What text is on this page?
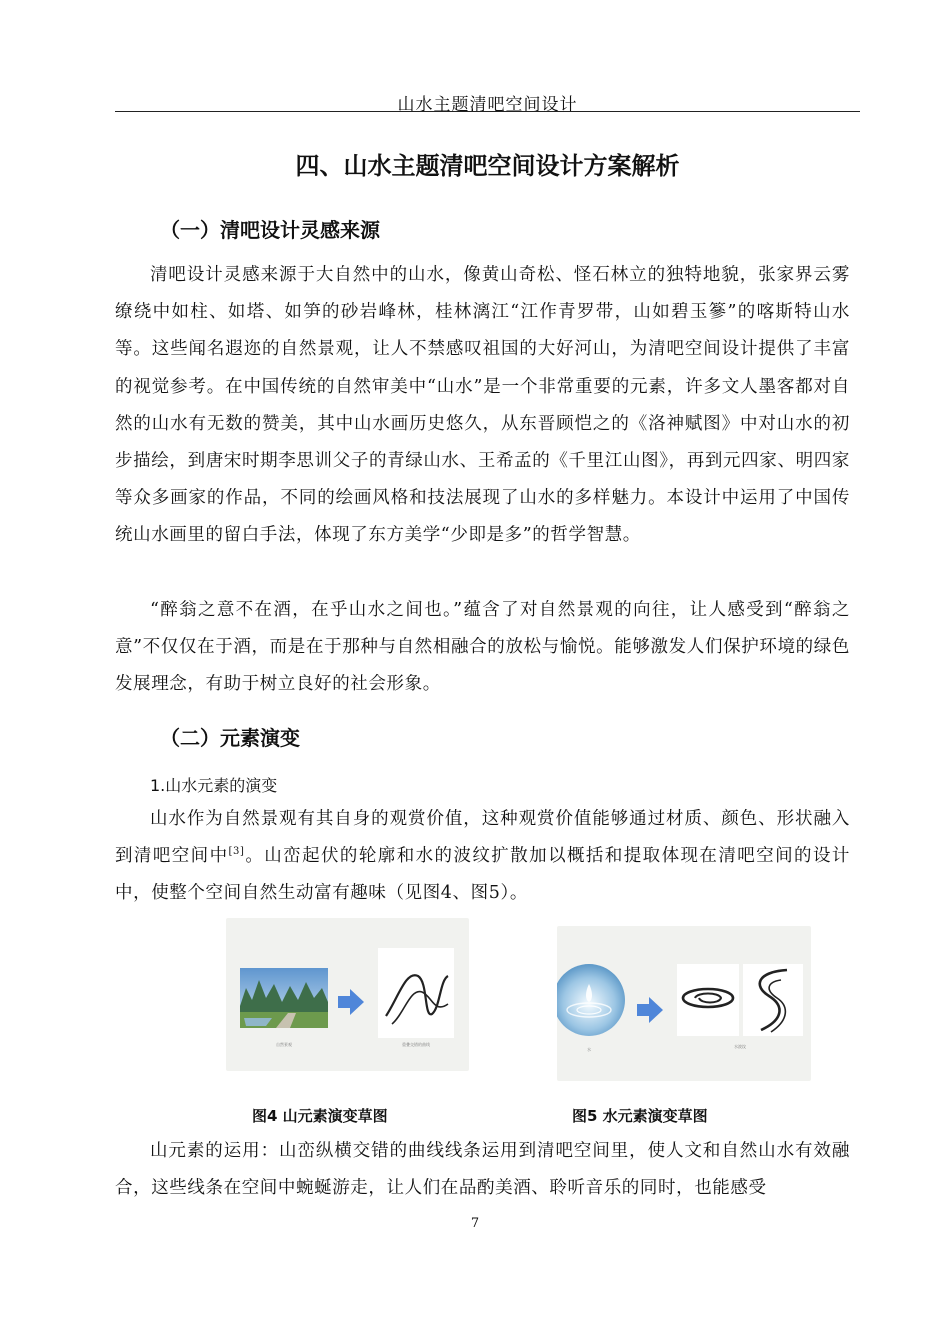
山水主题清吧空间设计
四、山水主题清吧空间设计方案解析
（一）清吧设计灵感来源

清吧设计灵感来源于大自然中的山水，像黄山奇松、怪石林立的独特地貌，张家界云雾缭绕中如柱、如塔、如笋的砂岩峰林，桂林漓江“江作青罗带，山如碧玉篸”的喀斯特山水等。这些闻名遐迩的自然景观，让人不禁感叹祖国的大好河山，为清吧空间设计提供了丰富的视觉参考。在中国传统的自然审美中“山水”是一个非常重要的元素，许多文人墨客都对自然的山水有无数的赞美，其中山水画历史悠久，从东晋顾恺之的《洛神赋图》中对山水的初步描绘，到唐宋时期李思训父子的青绿山水、王希孟的《千里江山图》，再到元四家、明四家等众多画家的作品，不同的绘画风格和技法展现了山水的多样魅力。本设计中运用了中国传统山水画里的留白手法，体现了东方美学“少即是多”的哲学智慧。

“醉翁之意不在酒，在乎山水之间也。”蕴含了对自然景观的向往，让人感受到“醉翁之意”不仅仅在于酒，而是在于那种与自然相融合的放松与愉悦。能够激发人们保护环境的绿色发展理念，有助于树立良好的社会形象。

（二）元素演变
1.山水元素的演变

山水作为自然景观有其自身的观赏价值，这种观赏价值能够通过材质、颜色、形状融入到清吧空间中[3]。山峦起伏的轮廓和水的波纹扩散加以概括和提取体现在清吧空间的设计中，使整个空间自然生动富有趣味（见图4、图5）。

自然景观	重叠交错的曲线
水
水波纹
图4 山元素演变草图	图5 水元素演变草图

山元素的运用：山峦纵横交错的曲线线条运用到清吧空间里，使人文和自然山水有效融合，这些线条在空间中蜿蜒游走，让人们在品酌美酒、聆听音乐的同时，也能感受

7
